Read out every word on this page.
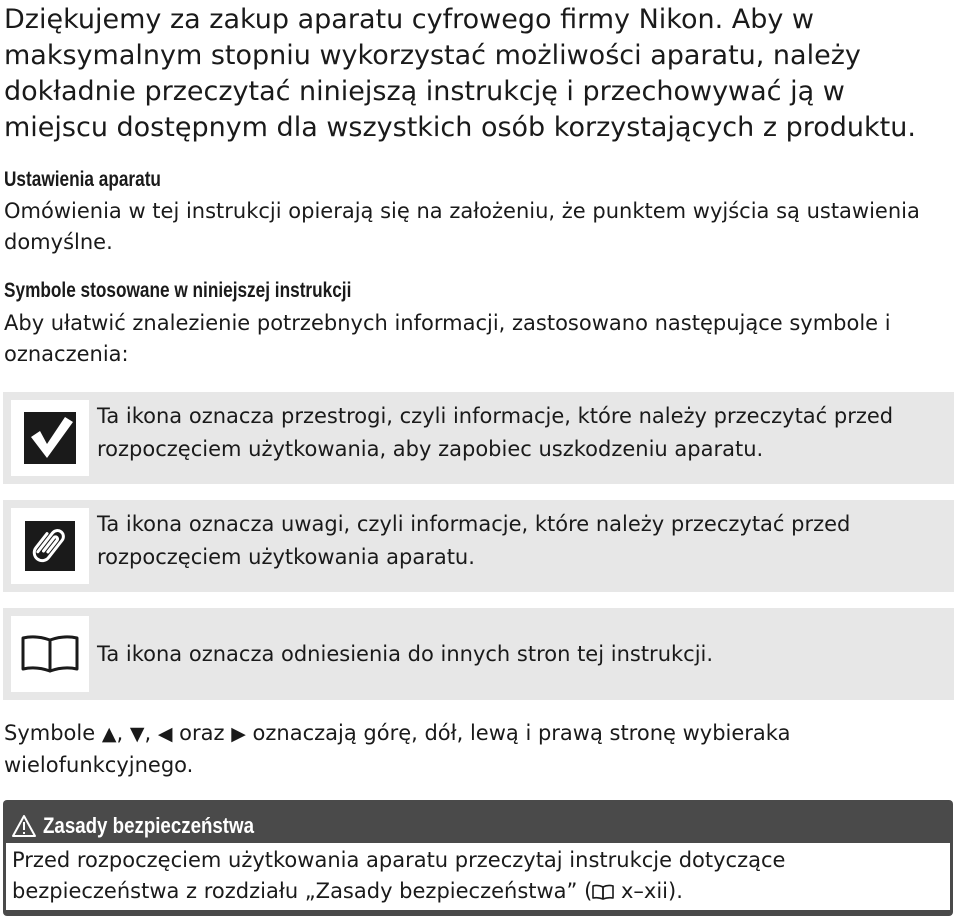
Dziękujemy za zakup aparatu cyfrowego firmy Nikon. Aby w maksymalnym stopniu wykorzystać możliwości aparatu, należy dokładnie przeczytać niniejszą instrukcję i przechowywać ją w miejscu dostępnym dla wszystkich osób korzystających z produktu.

Ustawienia aparatu

Omówienia w tej instrukcji opierają się na założeniu, że punktem wyjścia są ustawienia domyślne.

Symbole stosowane w niniejszej instrukcji

Aby ułatwić znalezienie potrzebnych informacji, zastosowano następujące symbole i oznaczenia:

Ta ikona oznacza przestrogi, czyli informacje, które należy przeczytać przed rozpoczęciem użytkowania, aby zapobiec uszkodzeniu aparatu.

Ta ikona oznacza uwagi, czyli informacje, które należy przeczytać przed rozpoczęciem użytkowania aparatu.

Ta ikona oznacza odniesienia do innych stron tej instrukcji.

Symbole ▲, ▼, ◀ oraz ▶ oznaczają górę, dół, lewą i prawą stronę wybieraka wielofunkcyjnego.

Zasady bezpieczeństwa

Przed rozpoczęciem użytkowania aparatu przeczytaj instrukcje dotyczące bezpieczeństwa z rozdziału „Zasady bezpieczeństwa” ( x–xii).
